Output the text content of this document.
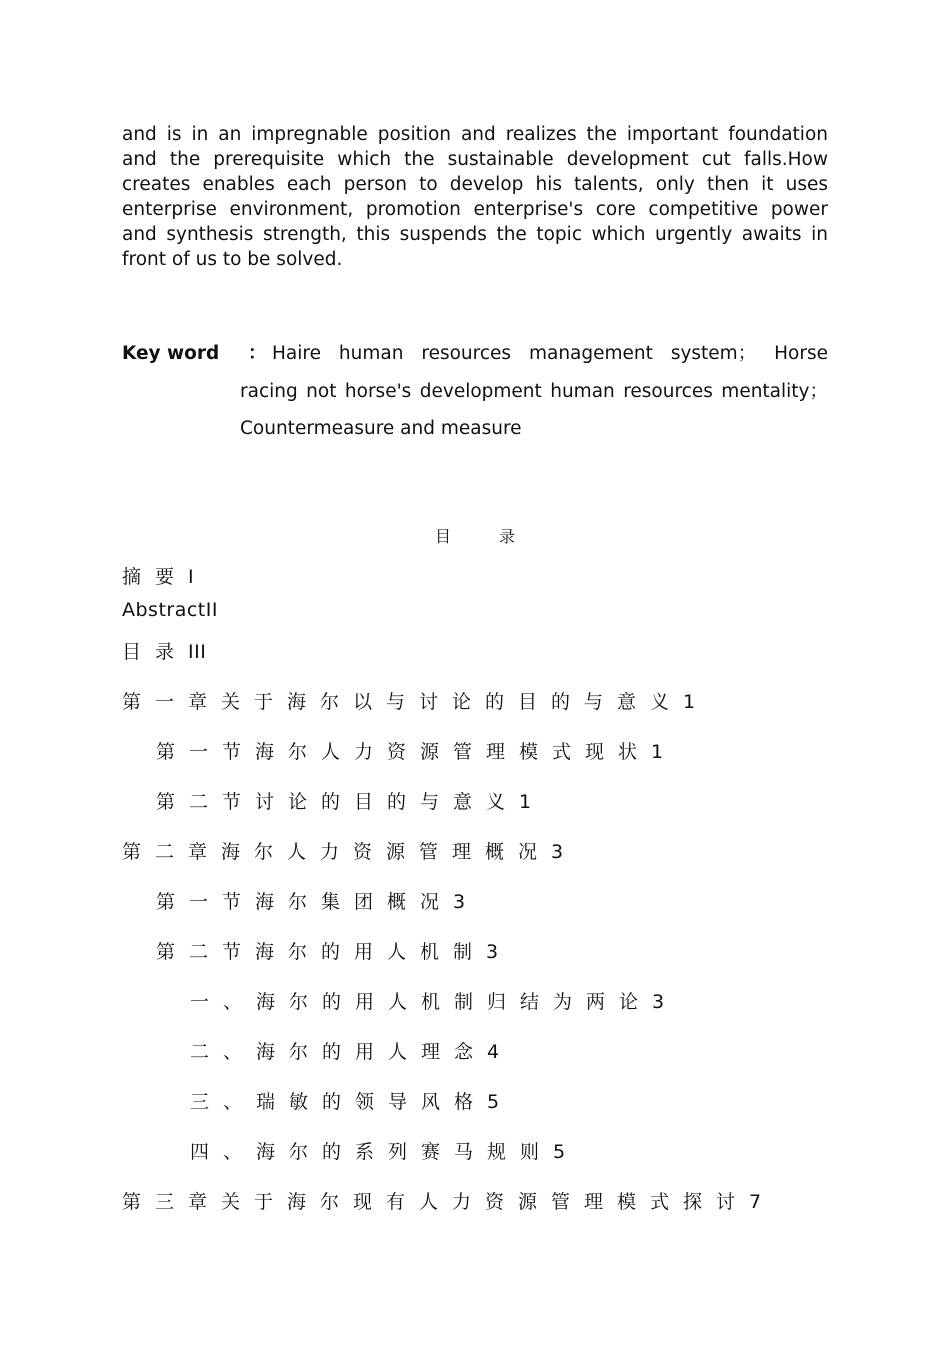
and is in an impregnable position and realizes the important foundation and the prerequisite which the sustainable development cut falls.How creates enables each person to develop his talents, only then it uses enterprise environment, promotion enterprise's core competitive power and synthesis strength, this suspends the topic which urgently awaits in front of us to be solved.

Key word ： Haire human resources management system； Horse racing not horse's development human resources mentality； Countermeasure and measure

目录
摘要I
AbstractII
目录III
第一章关于海尔以与讨论的目的与意义1
第一节海尔人力资源管理模式现状1
第二节讨论的目的与意义1
第二章海尔人力资源管理概况3
第一节海尔集团概况3
第二节海尔的用人机制3
一、海尔的用人机制归结为两论3
二、海尔的用人理念4
三、瑞敏的领导风格5
四、海尔的系列赛马规则5
第三章关于海尔现有人力资源管理模式探讨7
